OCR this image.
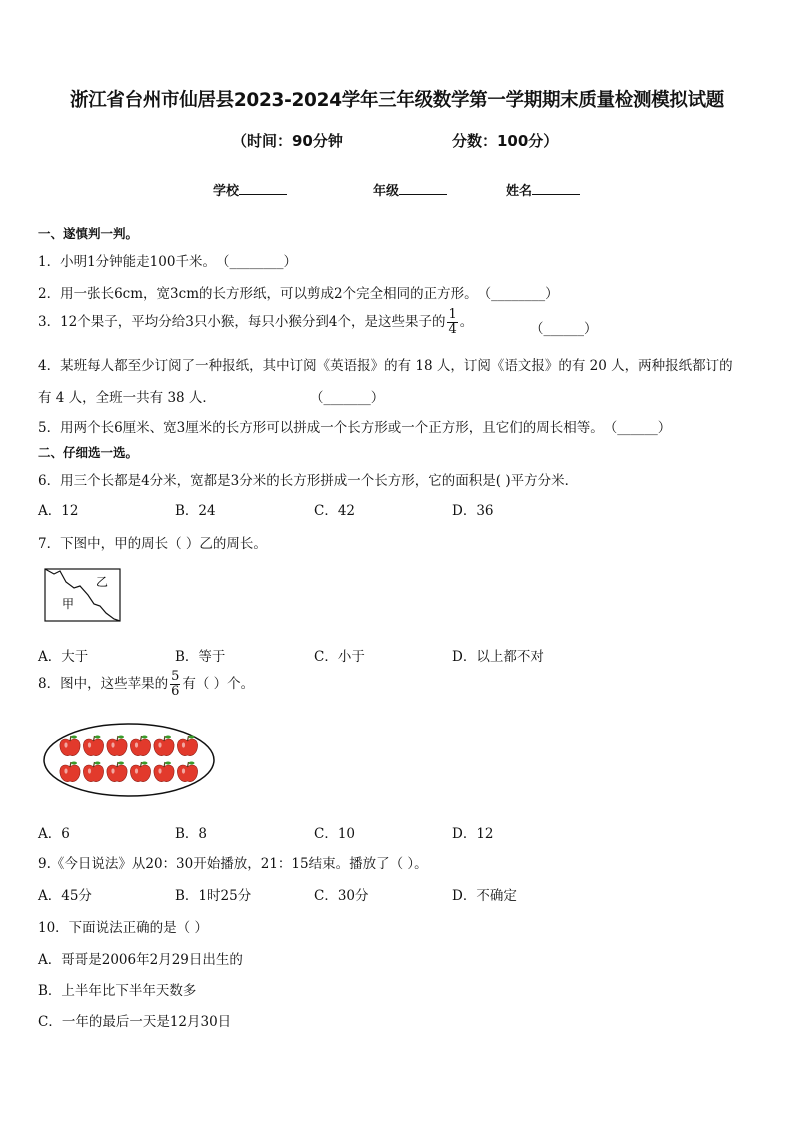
浙江省台州市仙居县2023-2024学年三年级数学第一学期期末质量检测模拟试题
（时间：90分钟	分数：100分）
学校	年级	姓名
一、遂慎判一判。
1．小明1分钟能走100千米。（________）
2．用一张长6cm，宽3cm的长方形纸，可以剪成2个完全相同的正方形。（________）
3．12个果子，平均分给3只小猴，每只小猴分到4个，是这些果子的 $\frac{1}{4}$ 。	（______）
4．某班每人都至少订阅了一种报纸，其中订阅《英语报》的有 18 人，订阅《语文报》的有 20 人，两种报纸都订的
有 4 人，全班一共有 38 人．	（_______）
5．用两个长6厘米、宽3厘米的长方形可以拼成一个长方形或一个正方形，且它们的周长相等。（______）
二、仔细选一选。
6．用三个长都是4分米，宽都是3分米的长方形拼成一个长方形，它的面积是( )平方分米．
A．12	B．24	C．42	D．36
7．下图中，甲的周长（ ）乙的周长。
甲
乙
A．大于	B．等于	C．小于	D．以上都不对
8．图中，这些苹果的 $\frac{5}{6}$ 有（ ）个。
A．6	B．8	C．10	D．12
9.《今日说法》从20：30开始播放，21：15结束。播放了（ ）。
A．45分	B．1时25分	C．30分	D．不确定
10．下面说法正确的是（ ）
A．哥哥是2006年2月29日出生的
B．上半年比下半年天数多
C．一年的最后一天是12月30日
